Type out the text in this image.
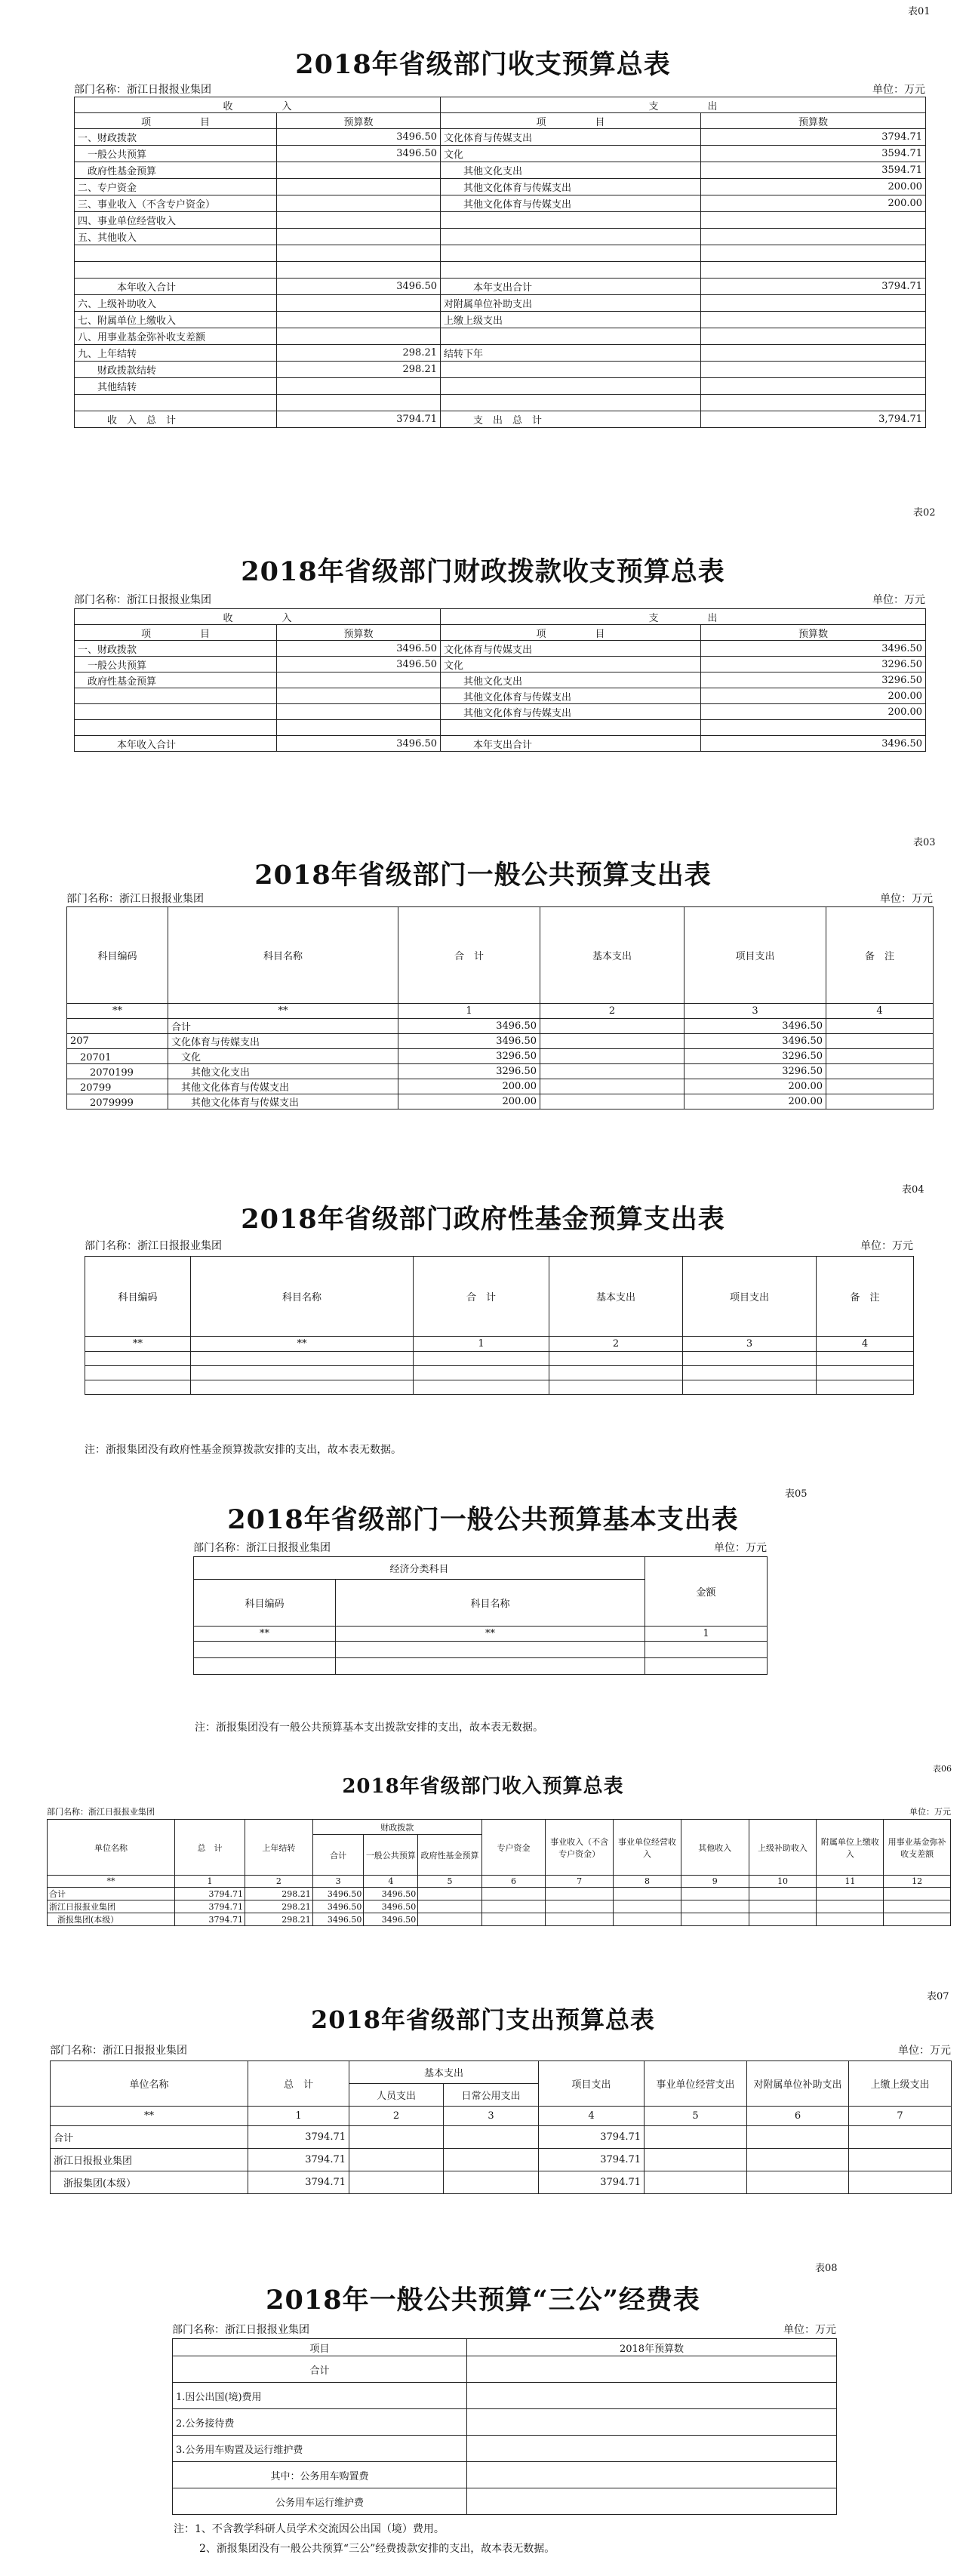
表01
2018年省级部门收支预算总表
部门名称：浙江日报报业集团	单位：万元
收　　　　　入		支　　　　　出	
项　　　　　目	预算数	项　　　　　目	预算数
一、财政拨款	3496.50	文化体育与传媒支出	3794.71
　一般公共预算	3496.50	文化	3594.71
　政府性基金预算		　　其他文化支出	3594.71
二、专户资金		　　其他文化体育与传媒支出	200.00
三、事业收入（不含专户资金）		　　其他文化体育与传媒支出	200.00
四、事业单位经营收入			
五、其他收入			

　　　　本年收入合计	3496.50	　　　本年支出合计	3794.71
六、上级补助收入		对附属单位补助支出	
七、附属单位上缴收入		上缴上级支出	
八、用事业基金弥补收支差额			
九、上年结转	298.21	结转下年	
　　财政拨款结转	298.21		
　　其他结转			

　　　收　入　总　计	3794.71	　　　支　出　总　计	3,794.71
表02
2018年省级部门财政拨款收支预算总表
部门名称：浙江日报报业集团	单位：万元
收　　　　　入		支　　　　　出	
项　　　　　目	预算数	项　　　　　目	预算数
一、财政拨款	3496.50	文化体育与传媒支出	3496.50
　一般公共预算	3496.50	文化	3296.50
　政府性基金预算		　　其他文化支出	3296.50
		　　其他文化体育与传媒支出	200.00
		　　其他文化体育与传媒支出	200.00

　　　　本年收入合计	3496.50	　　　本年支出合计	3496.50
表03
2018年省级部门一般公共预算支出表
部门名称：浙江日报报业集团	单位：万元
科目编码	科目名称	合　计	基本支出	项目支出	备　注
**	**	1	2	3	4
	合计	3496.50		3496.50	
207	文化体育与传媒支出	3496.50		3496.50	
　20701	　文化	3296.50		3296.50	
　　2070199	　　其他文化支出	3296.50		3296.50	
　20799	　其他文化体育与传媒支出	200.00		200.00	
　　2079999	　　其他文化体育与传媒支出	200.00		200.00	
表04
2018年省级部门政府性基金预算支出表
部门名称：浙江日报报业集团	单位：万元
科目编码	科目名称	合　计	基本支出	项目支出	备　注
**	**	1	2	3	4

注：浙报集团没有政府性基金预算拨款安排的支出，故本表无数据。
表05
2018年省级部门一般公共预算基本支出表
部门名称：浙江日报报业集团	单位：万元
经济分类科目		金额
科目编码	科目名称	
**	**	1

注：浙报集团没有一般公共预算基本支出拨款安排的支出，故本表无数据。
表06
2018年省级部门收入预算总表
部门名称：浙江日报报业集团	单位：万元
单位名称	总　计	上年结转	财政拨款			专户资金	事业收入（不含专户资金）	事业单位经营收入	其他收入	上级补助收入	附属单位上缴收入	用事业基金弥补收支差额
			合计	一般公共预算	政府性基金预算							
**	1	2	3	4	5	6	7	8	9	10	11	12
合计	3794.71	298.21	3496.50	3496.50								
浙江日报报业集团	3794.71	298.21	3496.50	3496.50								
　浙报集团(本级）	3794.71	298.21	3496.50	3496.50								
表07
2018年省级部门支出预算总表
部门名称：浙江日报报业集团	单位：万元
单位名称	总　计	基本支出		项目支出	事业单位经营支出	对附属单位补助支出	上缴上级支出
		人员支出	日常公用支出				
**	1	2	3	4	5	6	7
合计	3794.71			3794.71			
浙江日报报业集团	3794.71			3794.71			
　浙报集团(本级）	3794.71			3794.71			
表08
2018年一般公共预算“三公”经费表
部门名称：浙江日报报业集团	单位：万元
项目	2018年预算数
合计	
1.因公出国(境)费用	
2.公务接待费	
3.公务用车购置及运行维护费	
其中：公务用车购置费	
公务用车运行维护费	
注：1、不含教学科研人员学术交流因公出国（境）费用。
2、浙报集团没有一般公共预算“三公”经费拨款安排的支出，故本表无数据。
